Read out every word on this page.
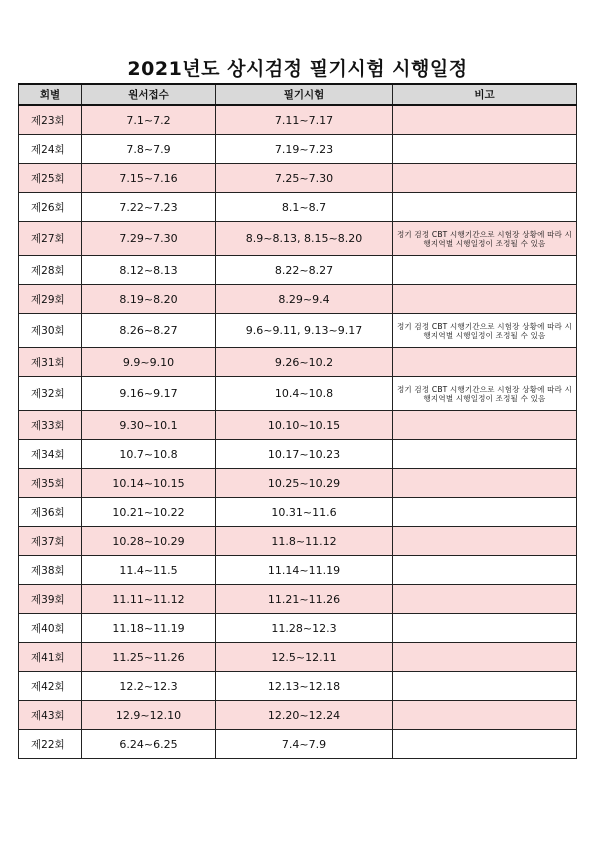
2021년도 상시검정 필기시험 시행일정
회별	원서접수	필기시험	비고
제23회	7.1~7.2	7.11~7.17	
제24회	7.8~7.9	7.19~7.23	
제25회	7.15~7.16	7.25~7.30	
제26회	7.22~7.23	8.1~8.7	
제27회	7.29~7.30	8.9~8.13, 8.15~8.20	정기 검정 CBT 시행기간으로 시험장 상황에 따라 시행지역별 시행일정이 조정될 수 있음
제28회	8.12~8.13	8.22~8.27	
제29회	8.19~8.20	8.29~9.4	
제30회	8.26~8.27	9.6~9.11, 9.13~9.17	정기 검정 CBT 시행기간으로 시험장 상황에 따라 시행지역별 시행일정이 조정될 수 있음
제31회	9.9~9.10	9.26~10.2	
제32회	9.16~9.17	10.4~10.8	정기 검정 CBT 시행기간으로 시험장 상황에 따라 시행지역별 시행일정이 조정될 수 있음
제33회	9.30~10.1	10.10~10.15	
제34회	10.7~10.8	10.17~10.23	
제35회	10.14~10.15	10.25~10.29	
제36회	10.21~10.22	10.31~11.6	
제37회	10.28~10.29	11.8~11.12	
제38회	11.4~11.5	11.14~11.19	
제39회	11.11~11.12	11.21~11.26	
제40회	11.18~11.19	11.28~12.3	
제41회	11.25~11.26	12.5~12.11	
제42회	12.2~12.3	12.13~12.18	
제43회	12.9~12.10	12.20~12.24	
제22회	6.24~6.25	7.4~7.9	
